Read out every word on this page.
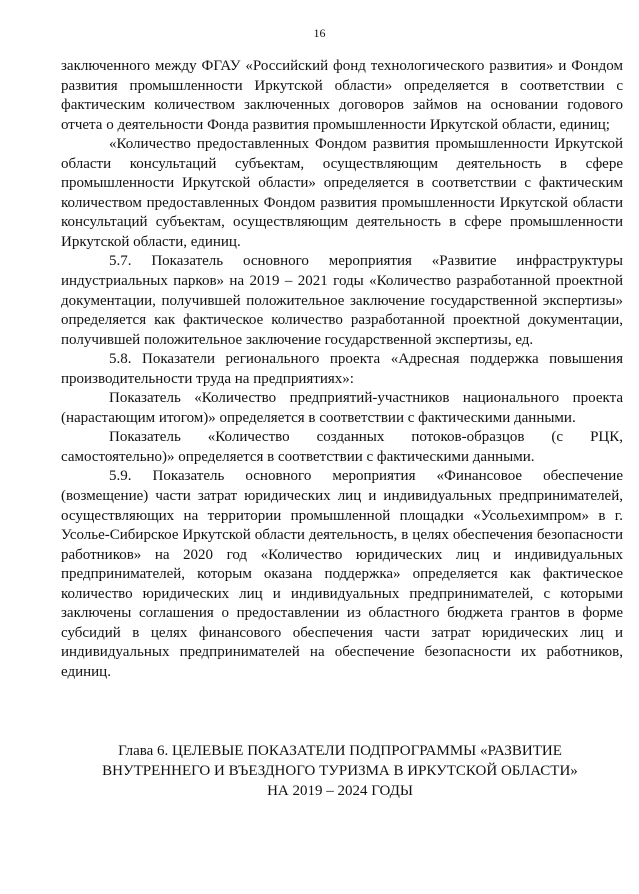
16

заключенного между ФГАУ «Российский фонд технологического развития» и Фондом развития промышленности Иркутской области» определяется в соответствии с фактическим количеством заключенных договоров займов на основании годового отчета о деятельности Фонда развития промышленности Иркутской области, единиц;

«Количество предоставленных Фондом развития промышленности Иркутской области консультаций субъектам, осуществляющим деятельность в сфере промышленности Иркутской области» определяется в соответствии с фактическим количеством предоставленных Фондом развития промышленности Иркутской области консультаций субъектам, осуществляющим деятельность в сфере промышленности Иркутской области, единиц.

5.7. Показатель основного мероприятия «Развитие инфраструктуры индустриальных парков» на 2019 – 2021 годы «Количество разработанной проектной документации, получившей положительное заключение государственной экспертизы» определяется как фактическое количество разработанной проектной документации, получившей положительное заключение государственной экспертизы, ед.

5.8. Показатели регионального проекта «Адресная поддержка повышения производительности труда на предприятиях»:

Показатель «Количество предприятий-участников национального проекта (нарастающим итогом)» определяется в соответствии с фактическими данными.

Показатель «Количество созданных потоков-образцов (с РЦК, самостоятельно)» определяется в соответствии с фактическими данными.

5.9. Показатель основного мероприятия «Финансовое обеспечение (возмещение) части затрат юридических лиц и индивидуальных предпринимателей, осуществляющих на территории промышленной площадки «Усольехимпром» в г. Усолье-Сибирское Иркутской области деятельность, в целях обеспечения безопасности работников» на 2020 год «Количество юридических лиц и индивидуальных предпринимателей, которым оказана поддержка» определяется как фактическое количество юридических лиц и индивидуальных предпринимателей, с которыми заключены соглашения о предоставлении из областного бюджета грантов в форме субсидий в целях финансового обеспечения части затрат юридических лиц и индивидуальных предпринимателей на обеспечение безопасности их работников, единиц.

Глава 6. ЦЕЛЕВЫЕ ПОКАЗАТЕЛИ ПОДПРОГРАММЫ «РАЗВИТИЕ
ВНУТРЕННЕГО И ВЪЕЗДНОГО ТУРИЗМА В ИРКУТСКОЙ ОБЛАСТИ»
НА 2019 – 2024 ГОДЫ
